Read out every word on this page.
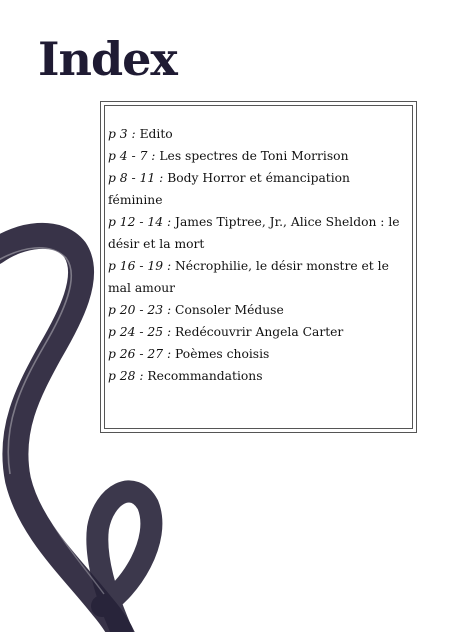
Index

p 3 : Edito

p 4 - 7 : Les spectres de Toni Morrison

p 8 - 11 : Body Horror et émancipation féminine

p 12 - 14 : James Tiptree, Jr., Alice Sheldon : le désir et la mort

p 16 - 19 : Nécrophilie, le désir monstre et le mal amour

p 20 - 23 : Consoler Méduse

p 24 - 25 : Redécouvrir Angela Carter

p 26 - 27 : Poèmes choisis

p 28 : Recommandations
